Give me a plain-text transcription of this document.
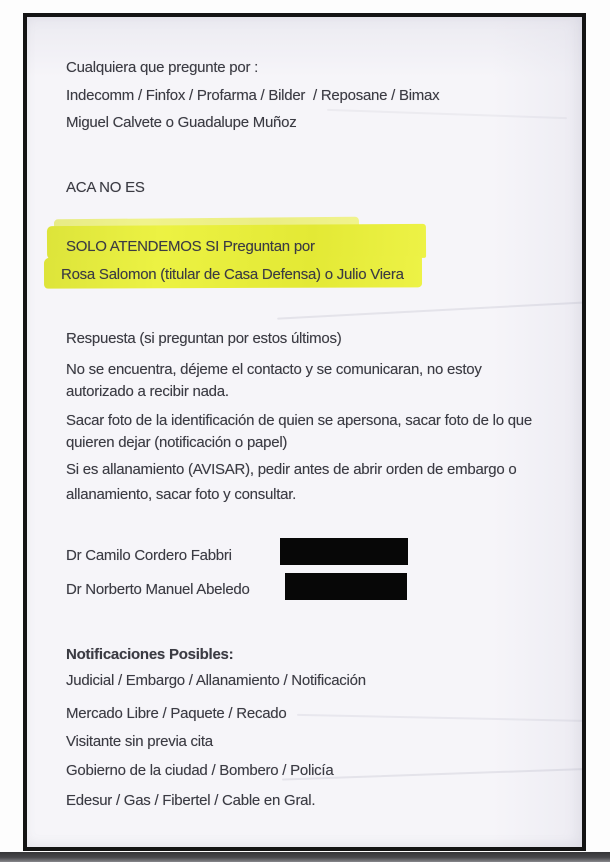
Cualquiera que pregunte por :
Indecomm / Finfox / Profarma / Bilder  / Reposane / Bimax
Miguel Calvete o Guadalupe Muñoz
ACA NO ES
SOLO ATENDEMOS SI Preguntan por
Rosa Salomon (titular de Casa Defensa) o Julio Viera
Respuesta (si preguntan por estos últimos)
No se encuentra, déjeme el contacto y se comunicaran, no estoy
autorizado a recibir nada.
Sacar foto de la identificación de quien se apersona, sacar foto de lo que
quieren dejar (notificación o papel)
Si es allanamiento (AVISAR), pedir antes de abrir orden de embargo o
allanamiento, sacar foto y consultar.
Dr Camilo Cordero Fabbri
Dr Norberto Manuel Abeledo
Notificaciones Posibles:
Judicial / Embargo / Allanamiento / Notificación
Mercado Libre / Paquete / Recado
Visitante sin previa cita
Gobierno de la ciudad / Bombero / Policía
Edesur / Gas / Fibertel / Cable en Gral.
